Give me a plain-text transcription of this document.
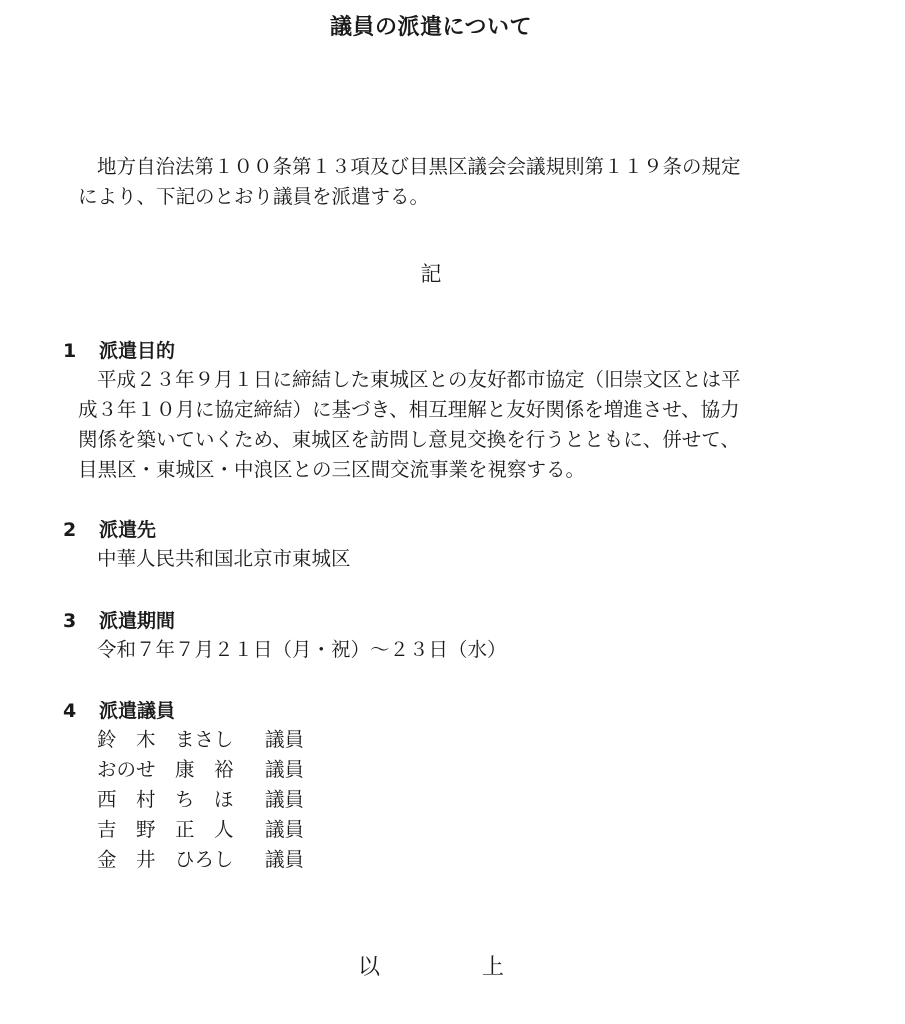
議員の派遣について
地方自治法第１００条第１３項及び目黒区議会会議規則第１１９条の規定
により、下記のとおり議員を派遣する。
記
1 派遣目的
平成２３年９月１日に締結した東城区との友好都市協定（旧崇文区とは平
成３年１０月に協定締結）に基づき、相互理解と友好関係を増進させ、協力
関係を築いていくため、東城区を訪問し意見交換を行うとともに、併せて、
目黒区・東城区・中浪区との三区間交流事業を視察する。
2 派遣先
中華人民共和国北京市東城区
3 派遣期間
令和７年７月２１日（月・祝）～２３日（水）
4 派遣議員
鈴　木　まさし 議員
おのせ　康　裕 議員
西　村　ち　ほ 議員
吉　野　正　人 議員
金　井　ひろし 議員
以	上
